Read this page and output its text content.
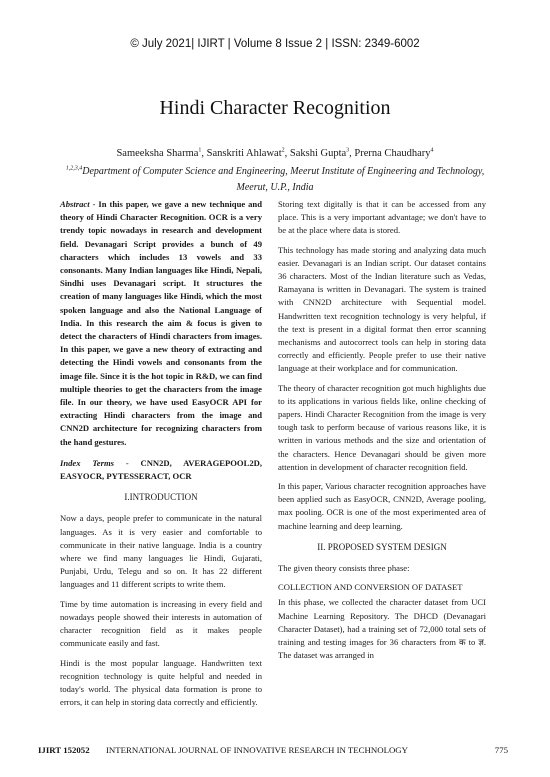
© July 2021| IJIRT | Volume 8 Issue 2 | ISSN: 2349-6002
Hindi Character Recognition
Sameeksha Sharma$^1$, Sanskriti Ahlawat$^2$, Sakshi Gupta$^3$, Prerna Chaudhary$^4$
$^{1,2,3,4}$Department of Computer Science and Engineering, Meerut Institute of Engineering and Technology, Meerut, U.P., India

Abstract - In this paper, we gave a new technique and theory of Hindi Character Recognition. OCR is a very trendy topic nowadays in research and development field. Devanagari Script provides a bunch of 49 characters which includes 13 vowels and 33 consonants. Many Indian languages like Hindi, Nepali, Sindhi uses Devanagari script. It structures the creation of many languages like Hindi, which the most spoken language and also the National Language of India. In this research the aim & focus is given to detect the characters of Hindi characters from images. In this paper, we gave a new theory of extracting and detecting the Hindi vowels and consonants from the image file. Since it is the hot topic in R&D, we can find multiple theories to get the characters from the image file. In our theory, we have used EasyOCR API for extracting Hindi characters from the image and CNN2D architecture for recognizing characters from the hand gestures.

Index Terms - CNN2D, AVERAGEPOOL2D, EASYOCR, PYTESSERACT, OCR

I.INTRODUCTION

Now a days, people prefer to communicate in the natural languages. As it is very easier and comfortable to communicate in their native language. India is a country where we find many languages lie Hindi, Gujarati, Punjabi, Urdu, Telegu and so on. It has 22 different languages and 11 different scripts to write them.

Time by time automation is increasing in every field and nowadays people showed their interests in automation of character recognition field as it makes people communicate easily and fast.

Hindi is the most popular language. Handwritten text recognition technology is quite helpful and needed in today's world. The physical data formation is prone to errors, it can help in storing data correctly and efficiently.

Storing text digitally is that it can be accessed from any place. This is a very important advantage; we don't have to be at the place where data is stored.

This technology has made storing and analyzing data much easier. Devanagari is an Indian script. Our dataset contains 36 characters. Most of the Indian literature such as Vedas, Ramayana is written in Devanagari. The system is trained with CNN2D architecture with Sequential model. Handwritten text recognition technology is very helpful, if the text is present in a digital format then error scanning mechanisms and autocorrect tools can help in storing data correctly and efficiently. People prefer to use their native language at their workplace and for communication.

The theory of character recognition got much highlights due to its applications in various fields like, online checking of papers. Hindi Character Recognition from the image is very tough task to perform because of various reasons like, it is written in various methods and the size and orientation of the characters. Hence Devanagari should be given more attention in development of character recognition field.

In this paper, Various character recognition approaches have been applied such as EasyOCR, CNN2D, Average pooling, max pooling. OCR is one of the most experimented area of machine learning and deep learning.

II. PROPOSED SYSTEM DESIGN

The given theory consists three phase:

COLLECTION AND CONVERSION OF DATASET

In this phase, we collected the character dataset from UCI Machine Learning Repository. The DHCD (Devanagari Character Dataset), had a training set of 72,000 total sets of training and testing images for 36 characters from क to ज्ञ. The dataset was arranged in

IJIRT 152052 INTERNATIONAL JOURNAL OF INNOVATIVE RESEARCH IN TECHNOLOGY	775
